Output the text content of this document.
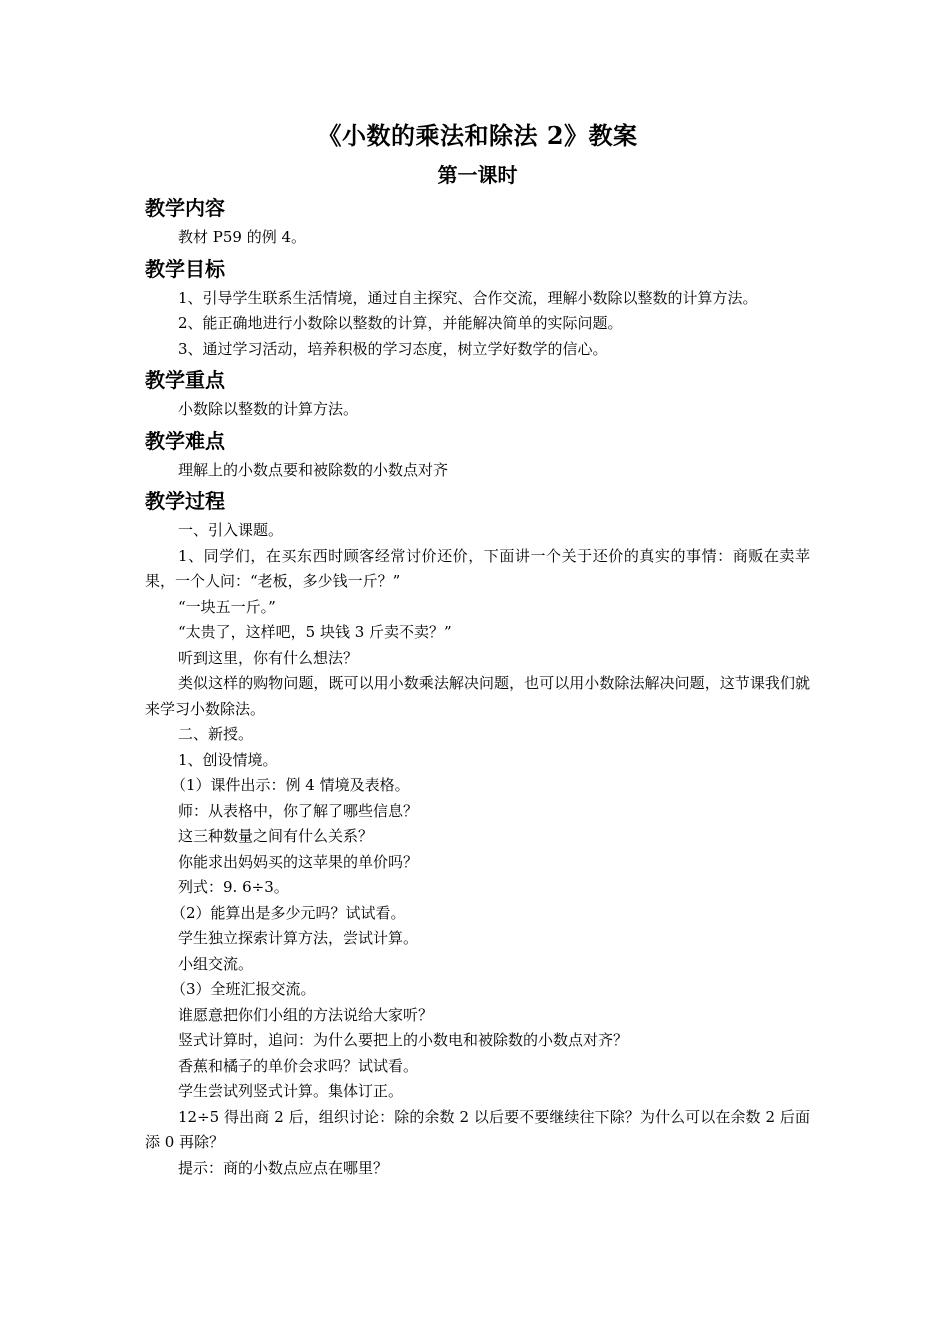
《小数的乘法和除法 2》教案
第一课时
教学内容

教材 P59 的例 4。

教学目标

1、引导学生联系生活情境，通过自主探究、合作交流，理解小数除以整数的计算方法。

2、能正确地进行小数除以整数的计算，并能解决简单的实际问题。

3、通过学习活动，培养积极的学习态度，树立学好数学的信心。

教学重点

小数除以整数的计算方法。

教学难点

理解上的小数点要和被除数的小数点对齐

教学过程

一、引入课题。

1、同学们，在买东西时顾客经常讨价还价，下面讲一个关于还价的真实的事情：商贩在卖苹果，一个人问：“老板，多少钱一斤？”

“一块五一斤。”

“太贵了，这样吧，5 块钱 3 斤卖不卖？”

听到这里，你有什么想法？

类似这样的购物问题，既可以用小数乘法解决问题，也可以用小数除法解决问题，这节课我们就来学习小数除法。

二、新授。

1、创设情境。

（1）课件出示：例 4 情境及表格。

师：从表格中，你了解了哪些信息？

这三种数量之间有什么关系？

你能求出妈妈买的这苹果的单价吗？

列式：9. 6÷3。

（2）能算出是多少元吗？试试看。

学生独立探索计算方法，尝试计算。

小组交流。

（3）全班汇报交流。

谁愿意把你们小组的方法说给大家听？

竖式计算时，追问：为什么要把上的小数电和被除数的小数点对齐？

香蕉和橘子的单价会求吗？试试看。

学生尝试列竖式计算。集体订正。

12÷5 得出商 2 后，组织讨论：除的余数 2 以后要不要继续往下除？为什么可以在余数 2 后面添 0 再除？

提示：商的小数点应点在哪里？
